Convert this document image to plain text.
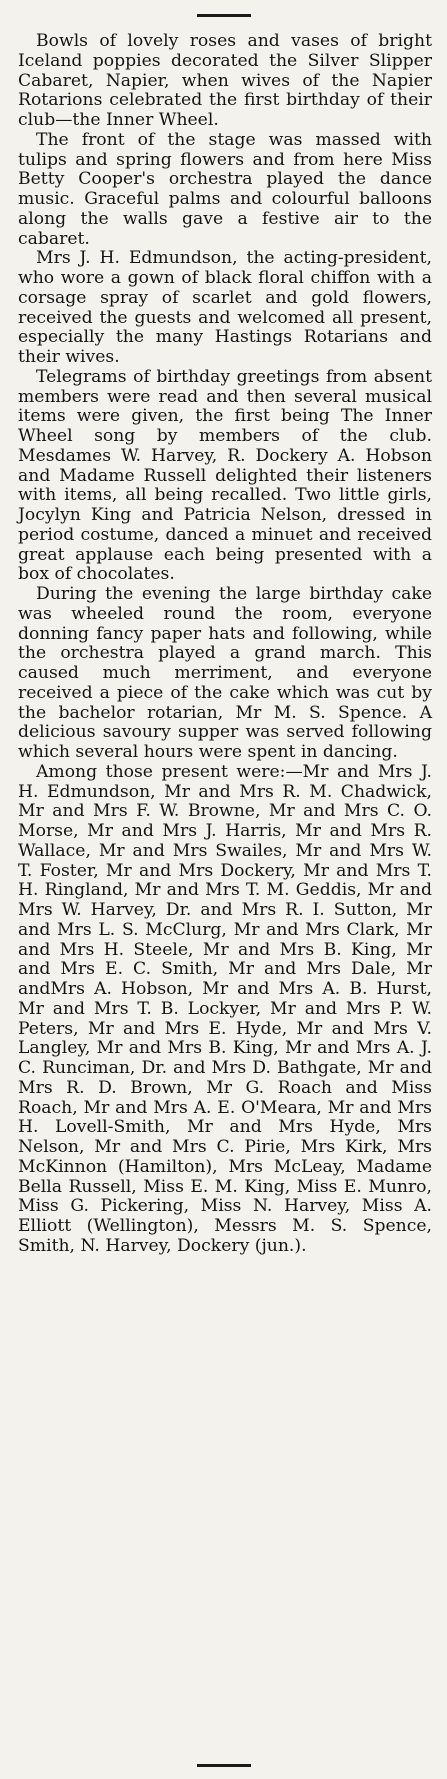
Bowls of lovely roses and vases of bright Iceland poppies decorated the Silver Slipper Cabaret, Napier, when wives of the Napier Rotarions celebrated the first birthday of their club—the Inner Wheel.

The front of the stage was massed with tulips and spring flowers and from here Miss Betty Cooper's orchestra played the dance music. Graceful palms and colourful balloons along the walls gave a festive air to the cabaret.

Mrs J. H. Edmundson, the acting-president, who wore a gown of black floral chiffon with a corsage spray of scarlet and gold flowers, received the guests and welcomed all present, especially the many Hastings Rotarians and their wives.

Telegrams of birthday greetings from absent members were read and then several musical items were given, the first being The Inner Wheel song by members of the club. Mesdames W. Harvey, R. Dockery A. Hobson and Madame Russell delighted their listeners with items, all being recalled. Two little girls, Jocylyn King and Patricia Nelson, dressed in period costume, danced a minuet and received great applause each being presented with a box of chocolates.

During the evening the large birthday cake was wheeled round the room, everyone donning fancy paper hats and following, while the orchestra played a grand march. This caused much merriment, and everyone received a piece of the cake which was cut by the bachelor rotarian, Mr M. S. Spence. A delicious savoury supper was served following which several hours were spent in dancing.

Among those present were:—Mr and Mrs J. H. Edmundson, Mr and Mrs R. M. Chadwick, Mr and Mrs F. W. Browne, Mr and Mrs C. O. Morse, Mr and Mrs J. Harris, Mr and Mrs R. Wallace, Mr and Mrs Swailes, Mr and Mrs W. T. Foster, Mr and Mrs Dockery, Mr and Mrs T. H. Ringland, Mr and Mrs T. M. Geddis, Mr and Mrs W. Harvey, Dr. and Mrs R. I. Sutton, Mr and Mrs L. S. McClurg, Mr and Mrs Clark, Mr and Mrs H. Steele, Mr and Mrs B. King, Mr and Mrs E. C. Smith, Mr and Mrs Dale, Mr andMrs A. Hobson, Mr and Mrs A. B. Hurst, Mr and Mrs T. B. Lockyer, Mr and Mrs P. W. Peters, Mr and Mrs E. Hyde, Mr and Mrs V. Langley, Mr and Mrs B. King, Mr and Mrs A. J. C. Runciman, Dr. and Mrs D. Bathgate, Mr and Mrs R. D. Brown, Mr G. Roach and Miss Roach, Mr and Mrs A. E. O'Meara, Mr and Mrs H. Lovell-Smith, Mr and Mrs Hyde, Mrs Nelson, Mr and Mrs C. Pirie, Mrs Kirk, Mrs McKinnon (Hamilton), Mrs McLeay, Madame Bella Russell, Miss E. M. King, Miss E. Munro, Miss G. Pickering, Miss N. Harvey, Miss A. Elliott (Wellington), Messrs M. S. Spence, Smith, N. Harvey, Dockery (jun.).
